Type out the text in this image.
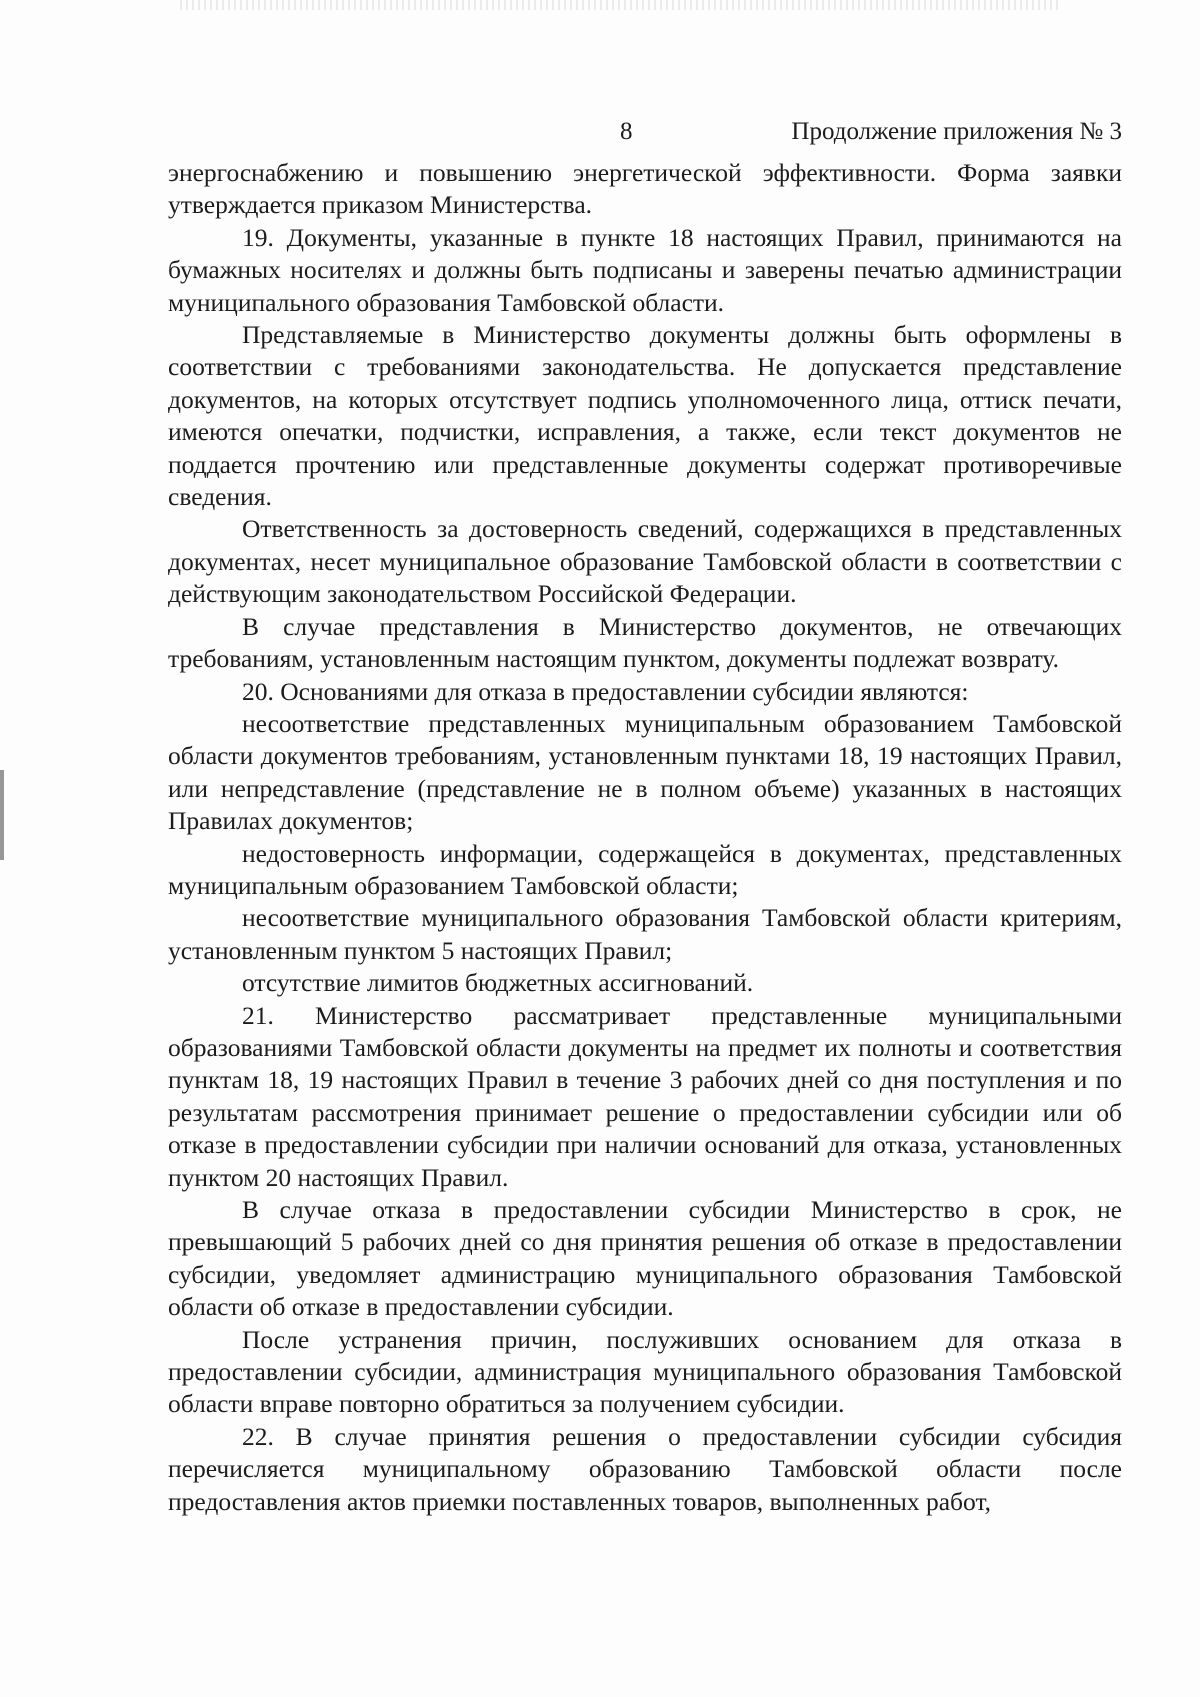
8	Продолжение приложения № 3

энергоснабжению и повышению энергетической эффективности. Форма заявки утверждается приказом Министерства.

19. Документы, указанные в пункте 18 настоящих Правил, принимаются на бумажных носителях и должны быть подписаны и заверены печатью администрации муниципального образования Тамбовской области.

Представляемые в Министерство документы должны быть оформлены в соответствии с требованиями законодательства. Не допускается представление документов, на которых отсутствует подпись уполномоченного лица, оттиск печати, имеются опечатки, подчистки, исправления, а также, если текст документов не поддается прочтению или представленные документы содержат противоречивые сведения.

Ответственность за достоверность сведений, содержащихся в представленных документах, несет муниципальное образование Тамбовской области в соответствии с действующим законодательством Российской Федерации.

В случае представления в Министерство документов, не отвечающих требованиям, установленным настоящим пунктом, документы подлежат возврату.

20. Основаниями для отказа в предоставлении субсидии являются:

несоответствие представленных муниципальным образованием Тамбовской области документов требованиям, установленным пунктами 18, 19 настоящих Правил, или непредставление (представление не в полном объеме) указанных в настоящих Правилах документов;

недостоверность информации, содержащейся в документах, представленных муниципальным образованием Тамбовской области;

несоответствие муниципального образования Тамбовской области критериям, установленным пунктом 5 настоящих Правил;

отсутствие лимитов бюджетных ассигнований.

21. Министерство рассматривает представленные муниципальными образованиями Тамбовской области документы на предмет их полноты и соответствия пунктам 18, 19 настоящих Правил в течение 3 рабочих дней со дня поступления и по результатам рассмотрения принимает решение о предоставлении субсидии или об отказе в предоставлении субсидии при наличии оснований для отказа, установленных пунктом 20 настоящих Правил.

В случае отказа в предоставлении субсидии Министерство в срок, не превышающий 5 рабочих дней со дня принятия решения об отказе в предоставлении субсидии, уведомляет администрацию муниципального образования Тамбовской области об отказе в предоставлении субсидии.

После устранения причин, послуживших основанием для отказа в предоставлении субсидии, администрация муниципального образования Тамбовской области вправе повторно обратиться за получением субсидии.

22. В случае принятия решения о предоставлении субсидии субсидия перечисляется муниципальному образованию Тамбовской области после предоставления актов приемки поставленных товаров, выполненных работ,
